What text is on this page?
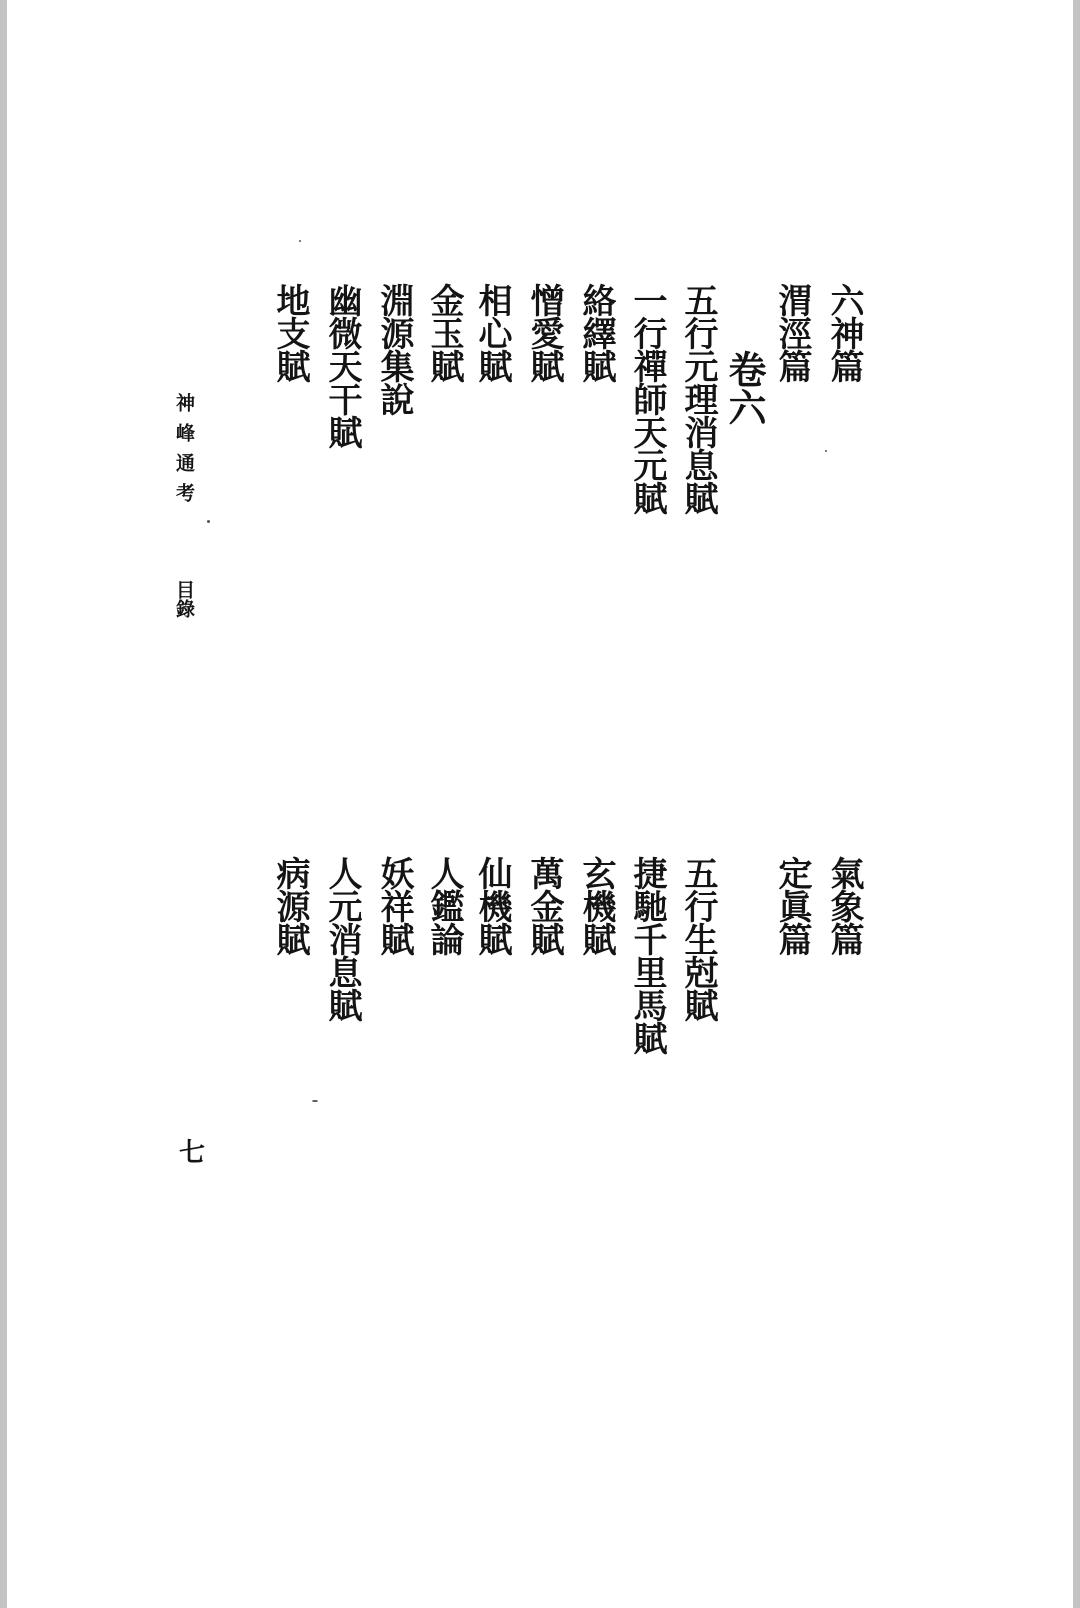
六神篇
渭涇篇
卷六
五行元理消息賦
一行禪師天元賦
絡繹賦
憎愛賦
相心賦
金玉賦
淵源集說
幽微天干賦
地支賦
氣象篇
定眞篇
五行生尅賦
捷馳千里馬賦
玄機賦
萬金賦
仙機賦
人鑑論
妖祥賦
人元消息賦
病源賦
神峰通考
目錄
七
